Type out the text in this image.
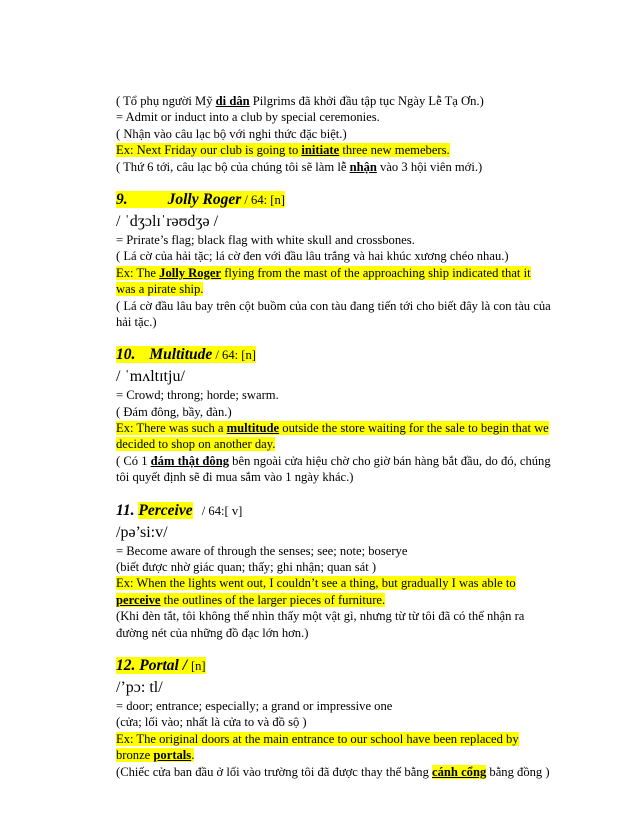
( Tổ phụ người Mỹ di dân Pilgrims đã khởi đầu tập tục Ngày Lễ Tạ Ơn.)
= Admit or induct into a club by special ceremonies.
( Nhận vào câu lạc bộ với nghi thức đặc biệt.)
Ex: Next Friday our club is going to initiate three new memebers.
( Thứ 6 tới, câu lạc bộ của chúng tôi sẽ làm lễ nhận vào 3 hội viên mới.)
9.	Jolly Roger / 64: [n]
/ ˈdʒɔlɪˈrəʊdʒə /
= Prirate’s flag; black flag with white skull and crossbones.
( Lá cờ của hải tặc; lá cờ đen với đầu lâu trắng và hai khúc xương chéo nhau.)
Ex: The Jolly Roger flying from the mast of the approaching ship indicated that it
was a pirate ship.
( Lá cờ đầu lâu bay trên cột buồm của con tàu đang tiến tới cho biết đây là con tàu của
hải tặc.)
10. Multitude / 64: [n]
/ ˈmʌltɪtju/
= Crowd; throng; horde; swarm.
( Đám đông, bầy, đàn.)
Ex: There was such a multitude outside the store waiting for the sale to begin that we
decided to shop on another day.
( Có 1 đám thật đông bên ngoài cửa hiệu chờ cho giờ bán hàng bắt đầu, do đó, chúng
tôi quyết định sẽ đi mua sắm vào 1 ngày khác.)
11. Perceive / 64:[ v]
/pə’si:v/
= Become aware of through the senses; see; note; boserye
(biết được nhờ giác quan; thấy; ghi nhận; quan sát )
Ex: When the lights went out, I couldn’t see a thing, but gradually I was able to
perceive the outlines of the larger pieces of furniture.
(Khi đèn tắt, tôi không thể nhìn thấy một vật gì, nhưng từ từ tôi đã có thể nhận ra
đường nét của những đồ đạc lớn hơn.)
12. Portal / [n]
/’pɔ: tl/
= door; entrance; especially; a grand or impressive one
(cửa; lối vào; nhất là cửa to và đồ sộ )
Ex: The original doors at the main entrance to our school have been replaced by
bronze portals.
(Chiếc cửa ban đầu ở lối vào trường tôi đã được thay thế bằng cánh cổng bằng đồng )
